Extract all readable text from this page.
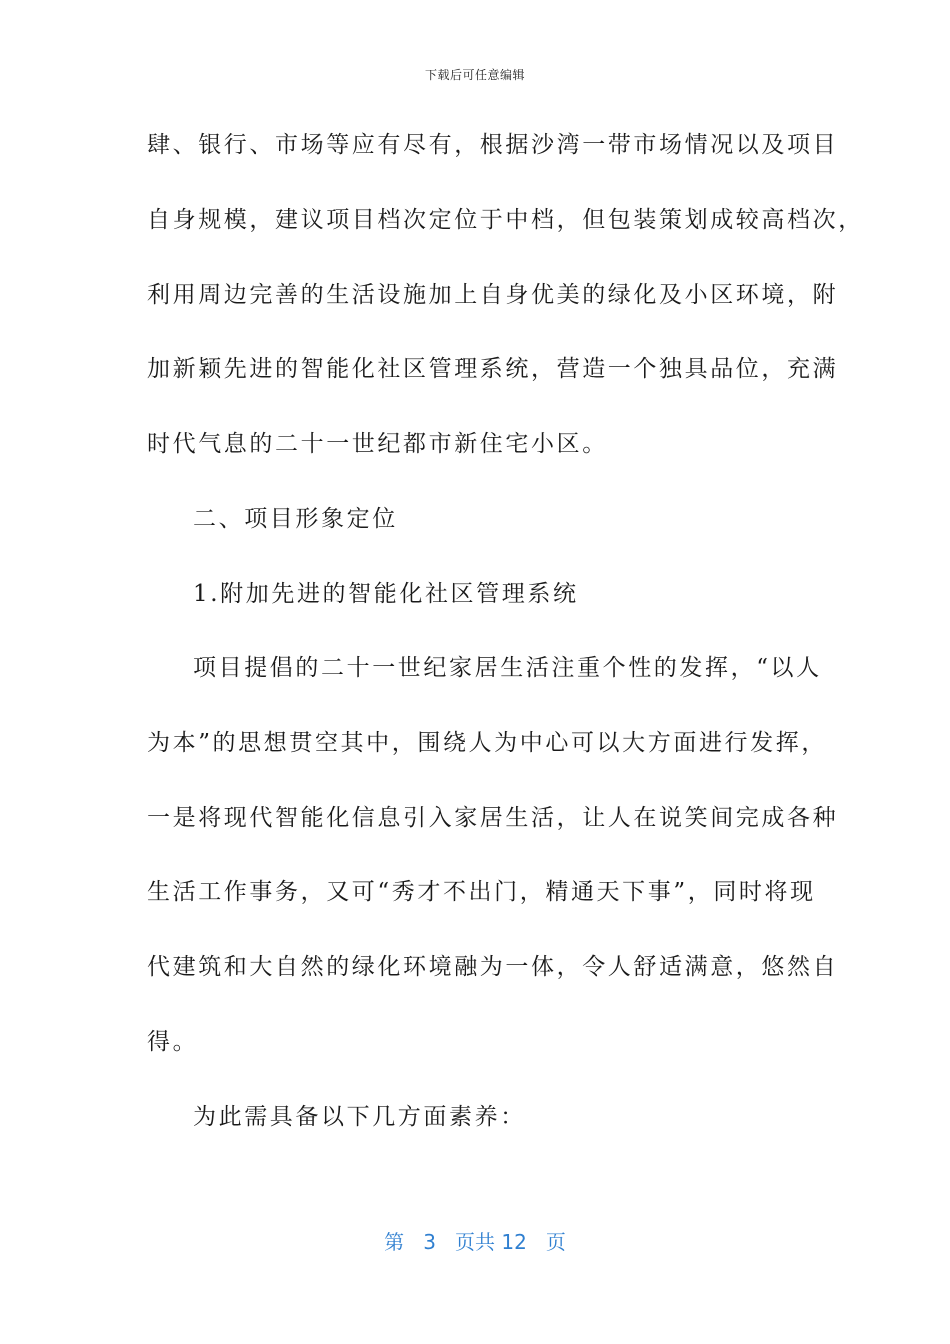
下载后可任意编辑
肆、银行、市场等应有尽有，根据沙湾一带市场情况以及项目
自身规模，建议项目档次定位于中档，但包装策划成较高档次，
利用周边完善的生活设施加上自身优美的绿化及小区环境，附
加新颖先进的智能化社区管理系统，营造一个独具品位，充满
时代气息的二十一世纪都市新住宅小区。
二、项目形象定位
1.附加先进的智能化社区管理系统
项目提倡的二十一世纪家居生活注重个性的发挥，“以人
为本”的思想贯空其中，围绕人为中心可以大方面进行发挥，
一是将现代智能化信息引入家居生活，让人在说笑间完成各种
生活工作事务，又可“秀才不出门，精通天下事”，同时将现
代建筑和大自然的绿化环境融为一体，令人舒适满意，悠然自
得。
为此需具备以下几方面素养：
第 3 页共 12 页
